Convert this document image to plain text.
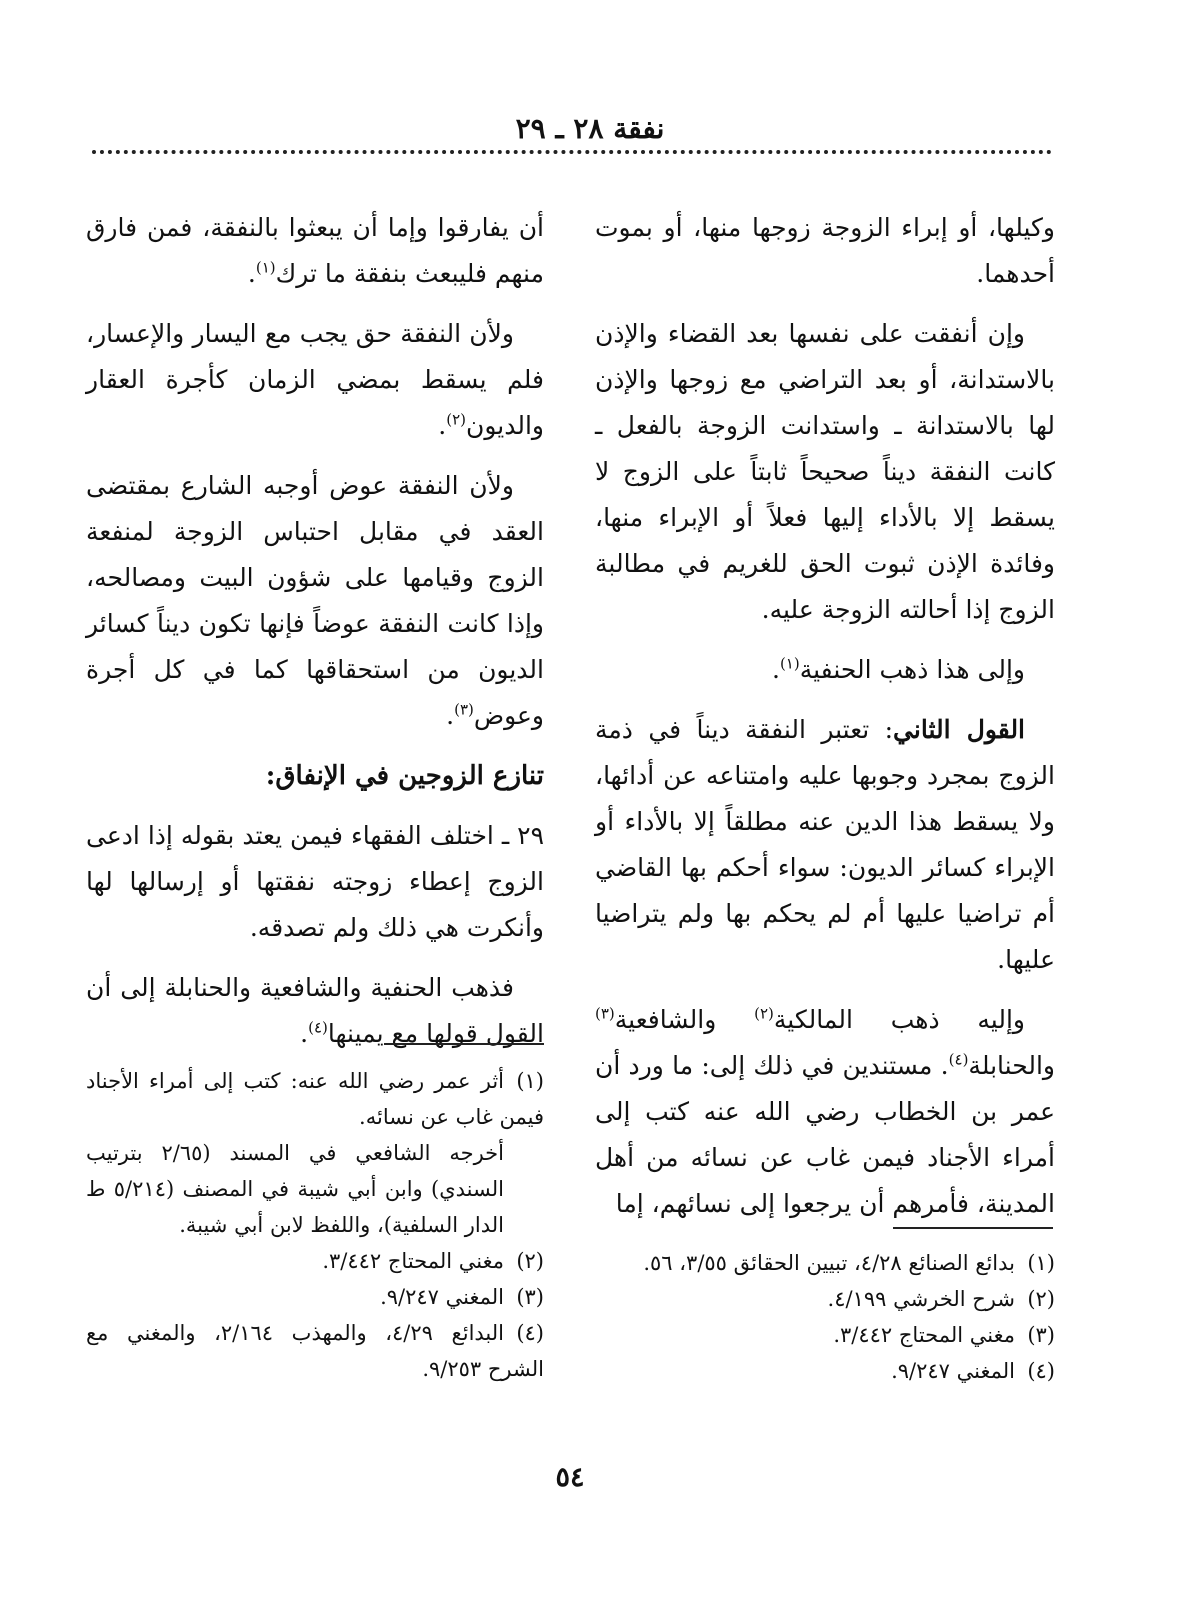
نفقة ٢٨ ـ ٢٩

وكيلها، أو إبراء الزوجة زوجها منها، أو بموت أحدهما.

وإن أنفقت على نفسها بعد القضاء والإذن بالاستدانة، أو بعد التراضي مع زوجها والإذن لها بالاستدانة ـ واستدانت الزوجة بالفعل ـ كانت النفقة ديناً صحيحاً ثابتاً على الزوج لا يسقط إلا بالأداء إليها فعلاً أو الإبراء منها، وفائدة الإذن ثبوت الحق للغريم في مطالبة الزوج إذا أحالته الزوجة عليه.

وإلى هذا ذهب الحنفية$^{(١)}$.

القول الثاني: تعتبر النفقة ديناً في ذمة الزوج بمجرد وجوبها عليه وامتناعه عن أدائها، ولا يسقط هذا الدين عنه مطلقاً إلا بالأداء أو الإبراء كسائر الديون: سواء أحكم بها القاضي أم تراضيا عليها أم لم يحكم بها ولم يتراضيا عليها.

وإليه ذهب المالكية$^{(٢)}$ والشافعية$^{(٣)}$ والحنابلة$^{(٤)}$. مستندين في ذلك إلى: ما ورد أن عمر بن الخطاب رضي الله عنه كتب إلى أمراء الأجناد فيمن غاب عن نسائه من أهل المدينة، فأمرهم أن يرجعوا إلى نسائهم، إما

أن يفارقوا وإما أن يبعثوا بالنفقة، فمن فارق منهم فليبعث بنفقة ما ترك$^{(١)}$.

ولأن النفقة حق يجب مع اليسار والإعسار، فلم يسقط بمضي الزمان كأجرة العقار والديون$^{(٢)}$.

ولأن النفقة عوض أوجبه الشارع بمقتضى العقد في مقابل احتباس الزوجة لمنفعة الزوج وقيامها على شؤون البيت ومصالحه، وإذا كانت النفقة عوضاً فإنها تكون ديناً كسائر الديون من استحقاقها كما في كل أجرة وعوض$^{(٣)}$.

تنازع الزوجين في الإنفاق:

٢٩ ـ اختلف الفقهاء فيمن يعتد بقوله إذا ادعى الزوج إعطاء زوجته نفقتها أو إرسالها لها وأنكرت هي ذلك ولم تصدقه.

فذهب الحنفية والشافعية والحنابلة إلى أن القول قولها مع يمينها$^{(٤)}$.

(١)بدائع الصنائع ٤/٢٨، تبيين الحقائق ٣/٥٥، ٥٦.
(٢)شرح الخرشي ٤/١٩٩.
(٣)مغني المحتاج ٣/٤٤٢.
(٤)المغني ٩/٢٤٧.
(١)أثر عمر رضي الله عنه: كتب إلى أمراء الأجناد فيمن غاب عن نسائه.
أخرجه الشافعي في المسند (٢/٦٥ بترتيب السندي) وابن أبي شيبة في المصنف (٥/٢١٤ ط الدار السلفية)، واللفظ لابن أبي شيبة.
(٢)مغني المحتاج ٣/٤٤٢.
(٣)المغني ٩/٢٤٧.
(٤)البدائع ٤/٢٩، والمهذب ٢/١٦٤، والمغني مع الشرح ٩/٢٥٣.
٥٤
